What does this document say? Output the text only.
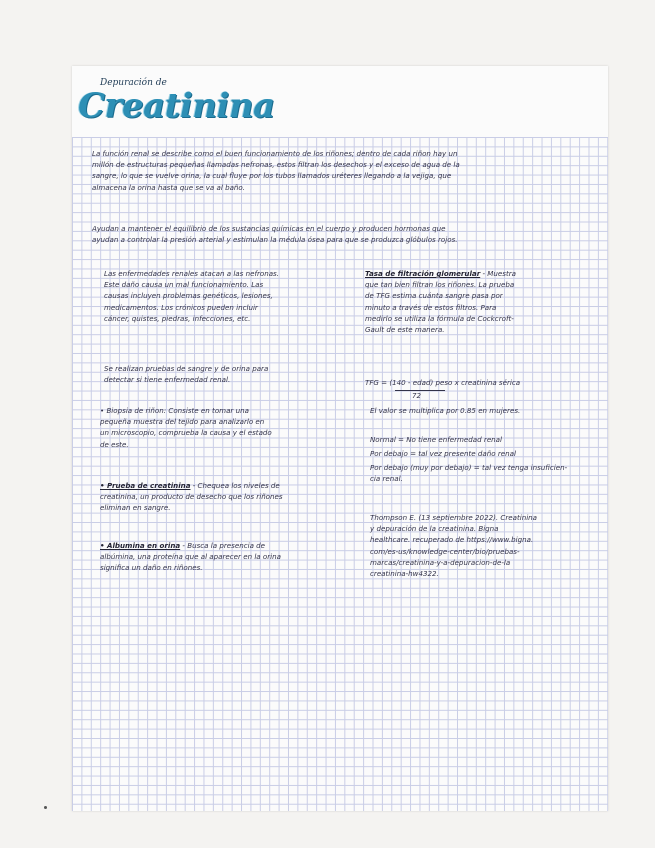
Depuración de
Creatinina

La función renal se describe como el buen funcionamiento de los riñones; dentro de cada riñon hay un
millón de estructuras pequeñas llamadas nefronas, estos filtran los desechos y el exceso de agua de la
sangre, lo que se vuelve orina, la cual fluye por los tubos llamados uréteres llegando a la vejiga, que
almacena la orina hasta que se va al baño.

Ayudan a mantener el equilibrio de los sustancias químicas en el cuerpo y producen hormonas que
ayudan a controlar la presión arterial y estimulan la médula ósea para que se produzca glóbulos rojos.

Las enfermedades renales atacan a las nefronas.
Este daño causa un mal funcionamiento. Las
causas incluyen problemas genéticos, lesiones,
medicamentos. Los crónicos pueden incluir
cáncer, quistes, piedras, infecciones, etc.

Se realizan pruebas de sangre y de orina para
detectar si tiene enfermedad renal.

• Biopsia de riñon: Consiste en tomar una
pequeña muestra del tejido para analizarlo en
un microscopio, comprueba la causa y el estado
de este.

• Prueba de creatinina - Chequea los niveles de
creatinina, un producto de desecho que los riñones
eliminan en sangre.

• Albumina en orina - Busca la presencia de
albúmina, una proteína que al aparecer en la orina
significa un daño en riñones.

Tasa de filtración glomerular - Muestra
que tan bien filtran los riñones. La prueba
de TFG estima cuánta sangre pasa por
minuto a través de estos filtros. Para
medirlo se utiliza la fórmula de Cockcroft-
Gault de este manera.

TFG = (140 - edad) peso x creatinina sérica

72

El valor se multiplica por 0.85 en mujeres.

Normal = No tiene enfermedad renal

Por debajo = tal vez presente daño renal

Por debajo (muy por debajo) = tal vez tenga insuficien-
cia renal.

Thompson E. (13 septiembre 2022). Creatinina
y depuración de la creatinina. Bigna
healthcare. recuperado de https://www.bigna.
com/es-us/knowledge-center/bio/pruebas-
marcas/creatinina-y-a-depuracion-de-la
creatinina-hw4322.
